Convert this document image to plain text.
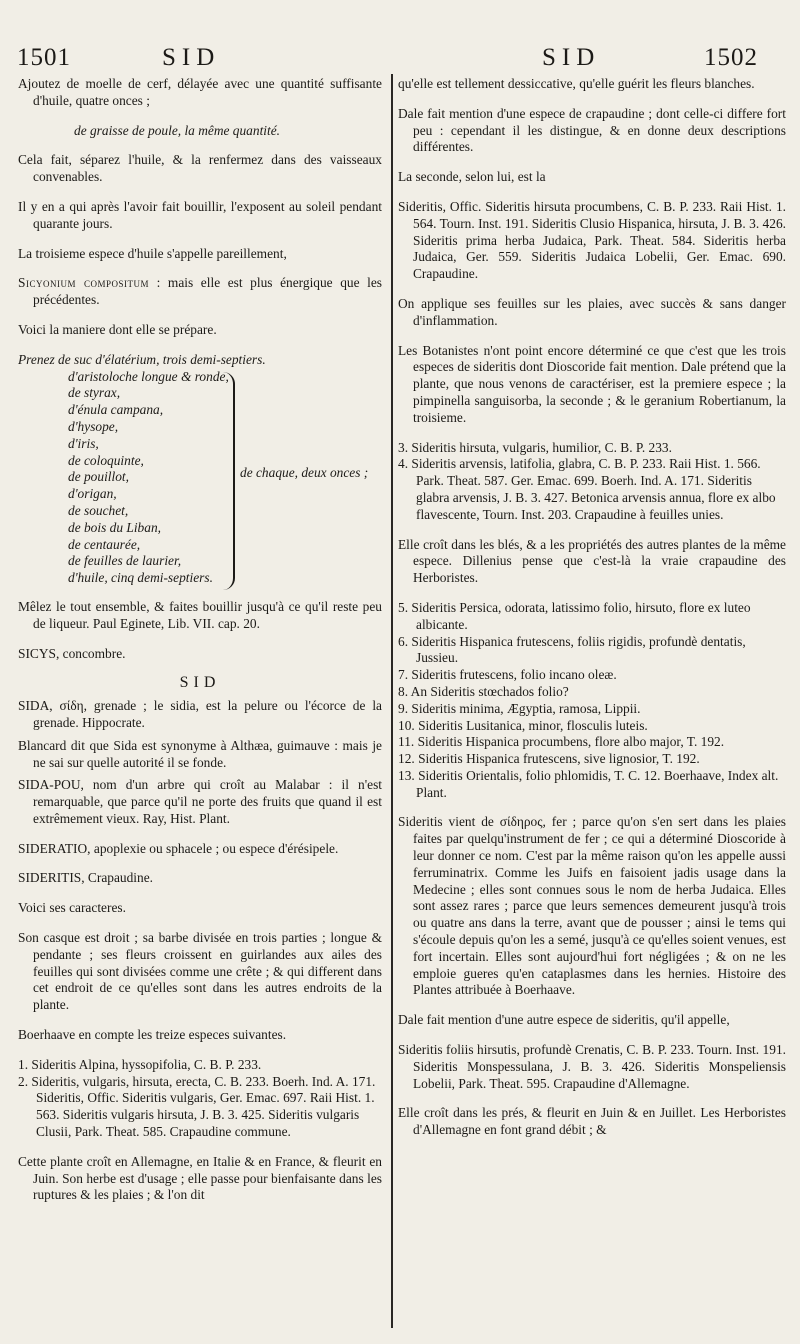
1501	SID	SID	1502

Ajoutez de moelle de cerf, délayée avec une quantité suffisante d'huile, quatre onces ;

de graisse de poule, la même quantité.

Cela fait, séparez l'huile, & la renfermez dans des vaisseaux convenables.

Il y en a qui après l'avoir fait bouillir, l'exposent au soleil pendant quarante jours.

La troisieme espece d'huile s'appelle pareillement,

Sicyonium compositum : mais elle est plus énergique que les précédentes.

Voici la maniere dont elle se prépare.

Prenez de suc d'élatérium, trois demi-septiers.

d'aristoloche longue & ronde,
de styrax,
d'énula campana,
d'hysope,
d'iris,
de coloquinte,
de pouillot,
d'origan,
de souchet,
de bois du Liban,
de centaurée,
de feuilles de laurier,

d'huile, cinq demi-septiers.

de chaque, deux onces ;

Mêlez le tout ensemble, & faites bouillir jusqu'à ce qu'il reste peu de liqueur. Paul Eginete, Lib. VII. cap. 20.

SICYS, concombre.

SID

SIDA, σίδη, grenade ; le sidia, est la pelure ou l'écorce de la grenade. Hippocrate.

Blancard dit que Sida est synonyme à Althæa, guimauve : mais je ne sai sur quelle autorité il se fonde.

SIDA-POU, nom d'un arbre qui croît au Malabar : il n'est remarquable, que parce qu'il ne porte des fruits que quand il est extrêmement vieux. Ray, Hist. Plant.

SIDERATIO, apoplexie ou sphacele ; ou espece d'érésipele.

SIDERITIS, Crapaudine.

Voici ses caracteres.

Son casque est droit ; sa barbe divisée en trois parties ; longue & pendante ; ses fleurs croissent en guirlandes aux ailes des feuilles qui sont divisées comme une crête ; & qui different dans cet endroit de ce qu'elles sont dans les autres endroits de la plante.

Boerhaave en compte les treize especes suivantes.

1. Sideritis Alpina, hyssopifolia, C. B. P. 233.
2. Sideritis, vulgaris, hirsuta, erecta, C. B. 233. Boerh. Ind. A. 171. Sideritis, Offic. Sideritis vulgaris, Ger. Emac. 697. Raii Hist. 1. 563. Sideritis vulgaris hirsuta, J. B. 3. 425. Sideritis vulgaris Clusii, Park. Theat. 585. Crapaudine commune.

Cette plante croît en Allemagne, en Italie & en France, & fleurit en Juin. Son herbe est d'usage ; elle passe pour bienfaisante dans les ruptures & les plaies ; & l'on dit

qu'elle est tellement dessiccative, qu'elle guérit les fleurs blanches.

Dale fait mention d'une espece de crapaudine ; dont celle-ci differe fort peu : cependant il les distingue, & en donne deux descriptions différentes.

La seconde, selon lui, est la

Sideritis, Offic. Sideritis hirsuta procumbens, C. B. P. 233. Raii Hist. 1. 564. Tourn. Inst. 191. Sideritis Clusio Hispanica, hirsuta, J. B. 3. 426. Sideritis prima herba Judaica, Park. Theat. 584. Sideritis herba Judaica, Ger. 559. Sideritis Judaica Lobelii, Ger. Emac. 690. Crapaudine.

On applique ses feuilles sur les plaies, avec succès & sans danger d'inflammation.

Les Botanistes n'ont point encore déterminé ce que c'est que les trois especes de sideritis dont Dioscoride fait mention. Dale prétend que la plante, que nous venons de caractériser, est la premiere espece ; la pimpinella sanguisorba, la seconde ; & le geranium Robertianum, la troisieme.

3. Sideritis hirsuta, vulgaris, humilior, C. B. P. 233.
4. Sideritis arvensis, latifolia, glabra, C. B. P. 233. Raii Hist. 1. 566. Park. Theat. 587. Ger. Emac. 699. Boerh. Ind. A. 171. Sideritis glabra arvensis, J. B. 3. 427. Betonica arvensis annua, flore ex albo flavescente, Tourn. Inst. 203. Crapaudine à feuilles unies.

Elle croît dans les blés, & a les propriétés des autres plantes de la même espece. Dillenius pense que c'est-là la vraie crapaudine des Herboristes.

5. Sideritis Persica, odorata, latissimo folio, hirsuto, flore ex luteo albicante.
6. Sideritis Hispanica frutescens, foliis rigidis, profundè dentatis, Jussieu.
7. Sideritis frutescens, folio incano oleæ.
8. An Sideritis stœchados folio?
9. Sideritis minima, Ægyptia, ramosa, Lippii.
10. Sideritis Lusitanica, minor, flosculis luteis.
11. Sideritis Hispanica procumbens, flore albo major, T. 192.
12. Sideritis Hispanica frutescens, sive lignosior, T. 192.
13. Sideritis Orientalis, folio phlomidis, T. C. 12. Boerhaave, Index alt. Plant.

Sideritis vient de σίδηρος, fer ; parce qu'on s'en sert dans les plaies faites par quelqu'instrument de fer ; ce qui a déterminé Dioscoride à leur donner ce nom. C'est par la même raison qu'on les appelle aussi ferruminatrix. Comme les Juifs en faisoient jadis usage dans la Medecine ; elles sont connues sous le nom de herba Judaica. Elles sont assez rares ; parce que leurs semences demeurent jusqu'à trois ou quatre ans dans la terre, avant que de pousser ; ainsi le tems qui s'écoule depuis qu'on les a semé, jusqu'à ce qu'elles soient venues, est fort incertain. Elles sont aujourd'hui fort négligées ; & on ne les emploie gueres qu'en cataplasmes dans les hernies. Histoire des Plantes attribuée à Boerhaave.

Dale fait mention d'une autre espece de sideritis, qu'il appelle,

Sideritis foliis hirsutis, profundè Crenatis, C. B. P. 233. Tourn. Inst. 191. Sideritis Monspessulana, J. B. 3. 426. Sideritis Monspeliensis Lobelii, Park. Theat. 595. Crapaudine d'Allemagne.

Elle croît dans les prés, & fleurit en Juin & en Juillet. Les Herboristes d'Allemagne en font grand débit ; &
